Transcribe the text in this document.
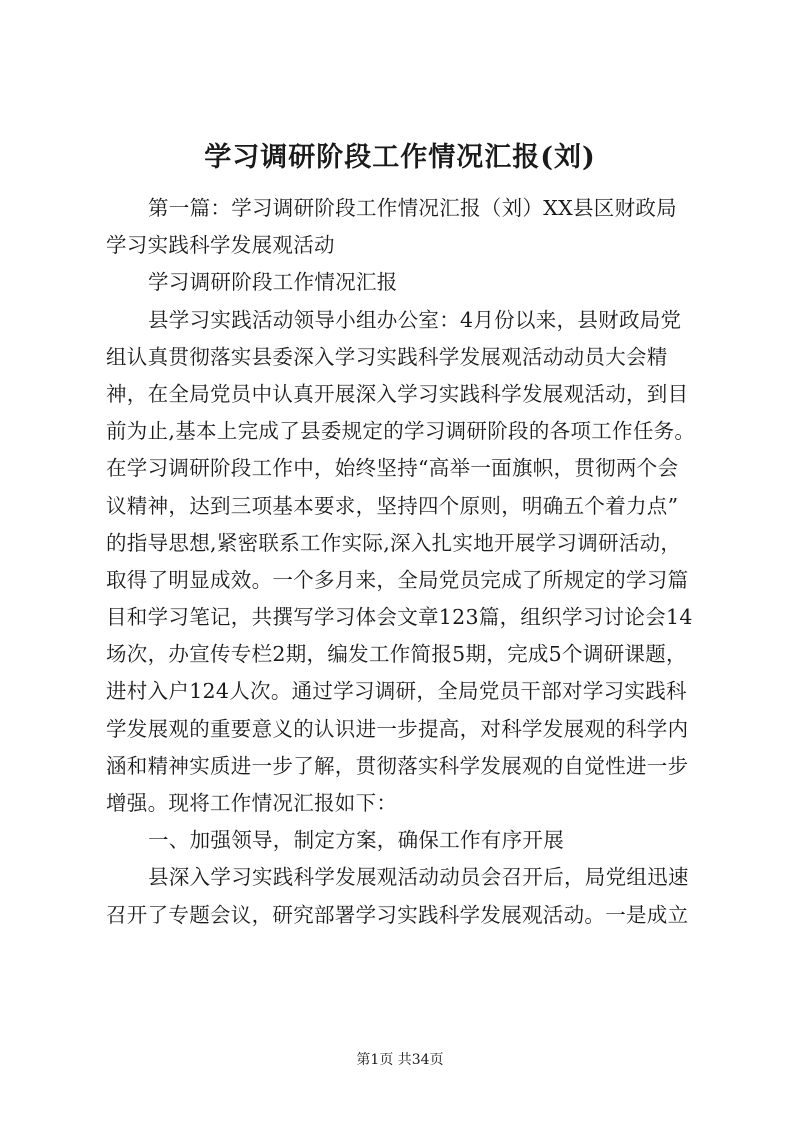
学习调研阶段工作情况汇报(刘)
第一篇：学习调研阶段工作情况汇报（刘）XX县区财政局
学习实践科学发展观活动
学习调研阶段工作情况汇报
县学习实践活动领导小组办公室：4月份以来，县财政局党
组认真贯彻落实县委深入学习实践科学发展观活动动员大会精
神，在全局党员中认真开展深入学习实践科学发展观活动，到目
前为止,基本上完成了县委规定的学习调研阶段的各项工作任务。
在学习调研阶段工作中，始终坚持“高举一面旗帜，贯彻两个会
议精神，达到三项基本要求，坚持四个原则，明确五个着力点”
的指导思想,紧密联系工作实际,深入扎实地开展学习调研活动，
取得了明显成效。一个多月来，全局党员完成了所规定的学习篇
目和学习笔记，共撰写学习体会文章123篇，组织学习讨论会14
场次，办宣传专栏2期，编发工作简报5期，完成5个调研课题，
进村入户124人次。通过学习调研，全局党员干部对学习实践科
学发展观的重要意义的认识进一步提高，对科学发展观的科学内
涵和精神实质进一步了解，贯彻落实科学发展观的自觉性进一步
增强。现将工作情况汇报如下：
一、加强领导，制定方案，确保工作有序开展
县深入学习实践科学发展观活动动员会召开后，局党组迅速
召开了专题会议，研究部署学习实践科学发展观活动。一是成立
第1页 共34页
